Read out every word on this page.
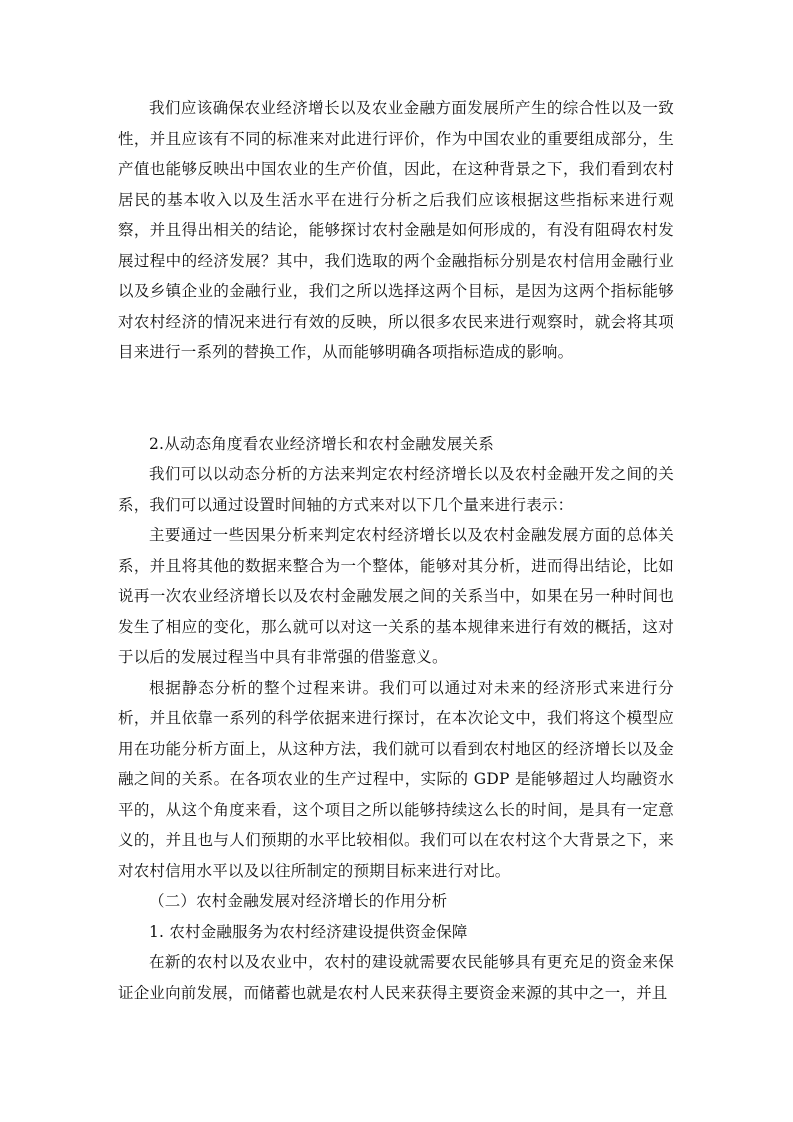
我们应该确保农业经济增长以及农业金融方面发展所产生的综合性以及一致性，并且应该有不同的标准来对此进行评价，作为中国农业的重要组成部分，生产值也能够反映出中国农业的生产价值，因此，在这种背景之下，我们看到农村居民的基本收入以及生活水平在进行分析之后我们应该根据这些指标来进行观察，并且得出相关的结论，能够探讨农村金融是如何形成的，有没有阻碍农村发展过程中的经济发展？其中，我们选取的两个金融指标分别是农村信用金融行业以及乡镇企业的金融行业，我们之所以选择这两个目标，是因为这两个指标能够对农村经济的情况来进行有效的反映，所以很多农民来进行观察时，就会将其项目来进行一系列的替换工作，从而能够明确各项指标造成的影响。

2.从动态角度看农业经济增长和农村金融发展关系

我们可以以动态分析的方法来判定农村经济增长以及农村金融开发之间的关系，我们可以通过设置时间轴的方式来对以下几个量来进行表示：

主要通过一些因果分析来判定农村经济增长以及农村金融发展方面的总体关系，并且将其他的数据来整合为一个整体，能够对其分析，进而得出结论，比如说再一次农业经济增长以及农村金融发展之间的关系当中，如果在另一种时间也发生了相应的变化，那么就可以对这一关系的基本规律来进行有效的概括，这对于以后的发展过程当中具有非常强的借鉴意义。

根据静态分析的整个过程来讲。我们可以通过对未来的经济形式来进行分析，并且依靠一系列的科学依据来进行探讨，在本次论文中，我们将这个模型应用在功能分析方面上，从这种方法，我们就可以看到农村地区的经济增长以及金融之间的关系。在各项农业的生产过程中，实际的 GDP 是能够超过人均融资水平的，从这个角度来看，这个项目之所以能够持续这么长的时间，是具有一定意义的，并且也与人们预期的水平比较相似。我们可以在农村这个大背景之下，来对农村信用水平以及以往所制定的预期目标来进行对比。

（二）农村金融发展对经济增长的作用分析

1. 农村金融服务为农村经济建设提供资金保障

在新的农村以及农业中，农村的建设就需要农民能够具有更充足的资金来保证企业向前发展，而储蓄也就是农村人民来获得主要资金来源的其中之一，并且
